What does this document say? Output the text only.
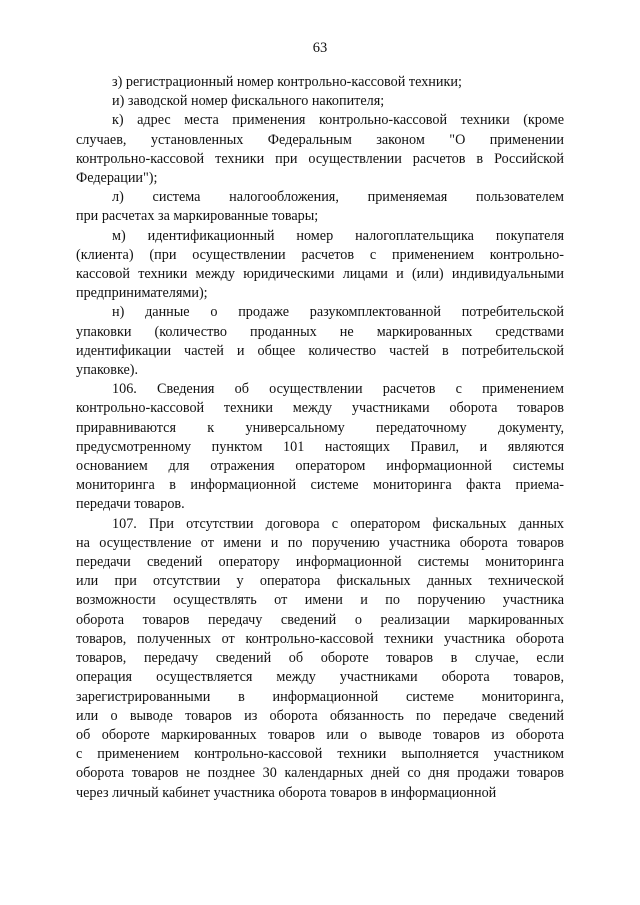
63

з) регистрационный номер контрольно-кассовой техники;

и) заводской номер фискального накопителя;

к) адрес места применения контрольно-кассовой техники (кроме
случаев, установленных Федеральным законом "О применении
контрольно-кассовой техники при осуществлении расчетов в Российской
Федерации");

л) система налогообложения, применяемая пользователем
при расчетах за маркированные товары;

м) идентификационный номер налогоплательщика покупателя
(клиента) (при осуществлении расчетов с применением контрольно-
кассовой техники между юридическими лицами и (или) индивидуальными
предпринимателями);

н) данные о продаже разукомплектованной потребительской
упаковки (количество проданных не маркированных средствами
идентификации частей и общее количество частей в потребительской
упаковке).

106. Сведения об осуществлении расчетов с применением
контрольно-кассовой техники между участниками оборота товаров
приравниваются к универсальному передаточному документу,
предусмотренному пунктом 101 настоящих Правил, и являются
основанием для отражения оператором информационной системы
мониторинга в информационной системе мониторинга факта приема-
передачи товаров.

107. При отсутствии договора с оператором фискальных данных
на осуществление от имени и по поручению участника оборота товаров
передачи сведений оператору информационной системы мониторинга
или при отсутствии у оператора фискальных данных технической
возможности осуществлять от имени и по поручению участника
оборота товаров передачу сведений о реализации маркированных
товаров, полученных от контрольно-кассовой техники участника оборота
товаров, передачу сведений об обороте товаров в случае, если
операция осуществляется между участниками оборота товаров,
зарегистрированными в информационной системе мониторинга,
или о выводе товаров из оборота обязанность по передаче сведений
об обороте маркированных товаров или о выводе товаров из оборота
с применением контрольно-кассовой техники выполняется участником
оборота товаров не позднее 30 календарных дней со дня продажи товаров
через личный кабинет участника оборота товаров в информационной
